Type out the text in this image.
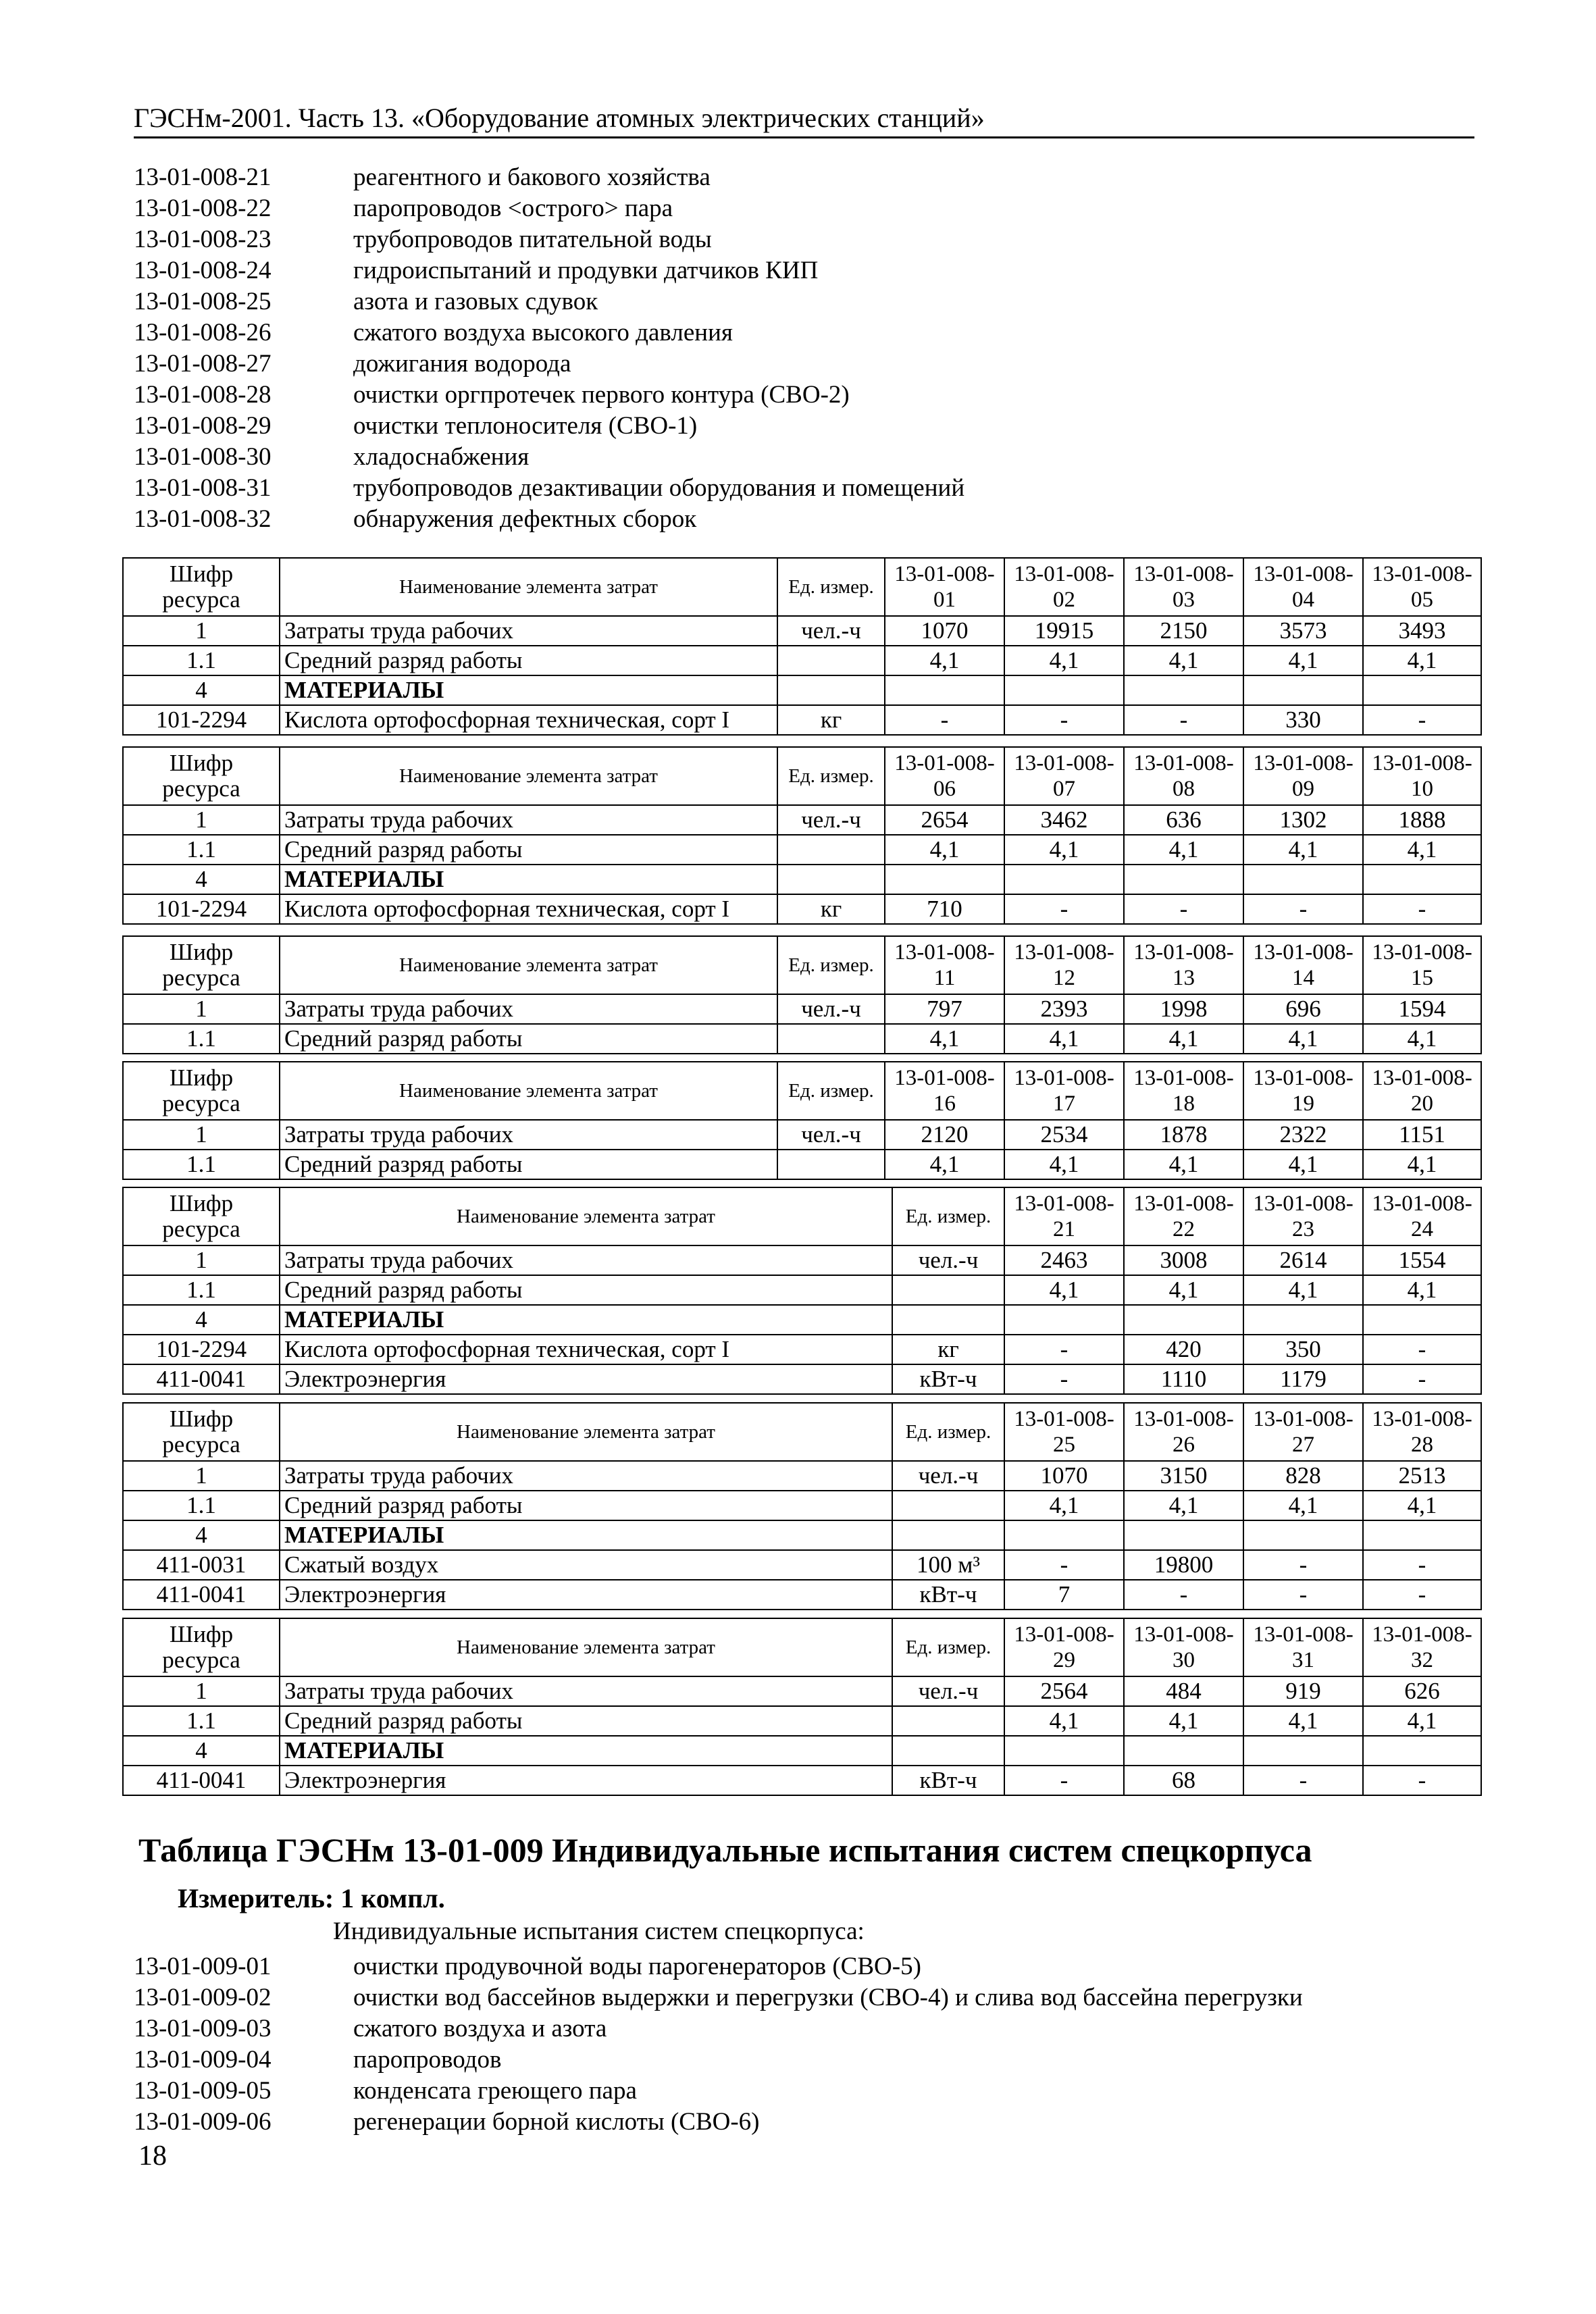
ГЭСНм-2001. Часть 13. «Оборудование атомных электрических станций»
13-01-008-21	реагентного и бакового хозяйства
13-01-008-22	паропроводов <острого> пара
13-01-008-23	трубопроводов питательной воды
13-01-008-24	гидроиспытаний и продувки датчиков КИП
13-01-008-25	азота и газовых сдувок
13-01-008-26	сжатого воздуха высокого давления
13-01-008-27	дожигания водорода
13-01-008-28	очистки оргпротечек первого контура (СВО-2)
13-01-008-29	очистки теплоносителя (СВО-1)
13-01-008-30	хладоснабжения
13-01-008-31	трубопроводов дезактивации оборудования и помещений
13-01-008-32	обнаружения дефектных сборок
Шифр ресурса	Наименование элемента затрат	Ед. измер.	13-01-008-01	13-01-008-02	13-01-008-03	13-01-008-04	13-01-008-05
1	Затраты труда рабочих	чел.-ч	1070	19915	2150	3573	3493
1.1	Средний разряд работы		4,1	4,1	4,1	4,1	4,1
4	МАТЕРИАЛЫ						
101-2294	Кислота ортофосфорная техническая, сорт I	кг	-	-	-	330	-
Шифр ресурса	Наименование элемента затрат	Ед. измер.	13-01-008-06	13-01-008-07	13-01-008-08	13-01-008-09	13-01-008-10
1	Затраты труда рабочих	чел.-ч	2654	3462	636	1302	1888
1.1	Средний разряд работы		4,1	4,1	4,1	4,1	4,1
4	МАТЕРИАЛЫ						
101-2294	Кислота ортофосфорная техническая, сорт I	кг	710	-	-	-	-
Шифр ресурса	Наименование элемента затрат	Ед. измер.	13-01-008-11	13-01-008-12	13-01-008-13	13-01-008-14	13-01-008-15
1	Затраты труда рабочих	чел.-ч	797	2393	1998	696	1594
1.1	Средний разряд работы		4,1	4,1	4,1	4,1	4,1
Шифр ресурса	Наименование элемента затрат	Ед. измер.	13-01-008-16	13-01-008-17	13-01-008-18	13-01-008-19	13-01-008-20
1	Затраты труда рабочих	чел.-ч	2120	2534	1878	2322	1151
1.1	Средний разряд работы		4,1	4,1	4,1	4,1	4,1
Шифр ресурса	Наименование элемента затрат	Ед. измер.	13-01-008-21	13-01-008-22	13-01-008-23	13-01-008-24
1	Затраты труда рабочих	чел.-ч	2463	3008	2614	1554
1.1	Средний разряд работы		4,1	4,1	4,1	4,1
4	МАТЕРИАЛЫ					
101-2294	Кислота ортофосфорная техническая, сорт I	кг	-	420	350	-
411-0041	Электроэнергия	кВт-ч	-	1110	1179	-
Шифр ресурса	Наименование элемента затрат	Ед. измер.	13-01-008-25	13-01-008-26	13-01-008-27	13-01-008-28
1	Затраты труда рабочих	чел.-ч	1070	3150	828	2513
1.1	Средний разряд работы		4,1	4,1	4,1	4,1
4	МАТЕРИАЛЫ					
411-0031	Сжатый воздух	100 м³	-	19800	-	-
411-0041	Электроэнергия	кВт-ч	7	-	-	-
Шифр ресурса	Наименование элемента затрат	Ед. измер.	13-01-008-29	13-01-008-30	13-01-008-31	13-01-008-32
1	Затраты труда рабочих	чел.-ч	2564	484	919	626
1.1	Средний разряд работы		4,1	4,1	4,1	4,1
4	МАТЕРИАЛЫ					
411-0041	Электроэнергия	кВт-ч	-	68	-	-
Таблица ГЭСНм 13-01-009 Индивидуальные испытания систем спецкорпуса
Измеритель: 1 компл.
Индивидуальные испытания систем спецкорпуса:
13-01-009-01	очистки продувочной воды парогенераторов (СВО-5)
13-01-009-02	очистки вод бассейнов выдержки и перегрузки (СВО-4) и слива вод бассейна перегрузки
13-01-009-03	сжатого воздуха и азота
13-01-009-04	паропроводов
13-01-009-05	конденсата греющего пара
13-01-009-06	регенерации борной кислоты (СВО-6)
18
